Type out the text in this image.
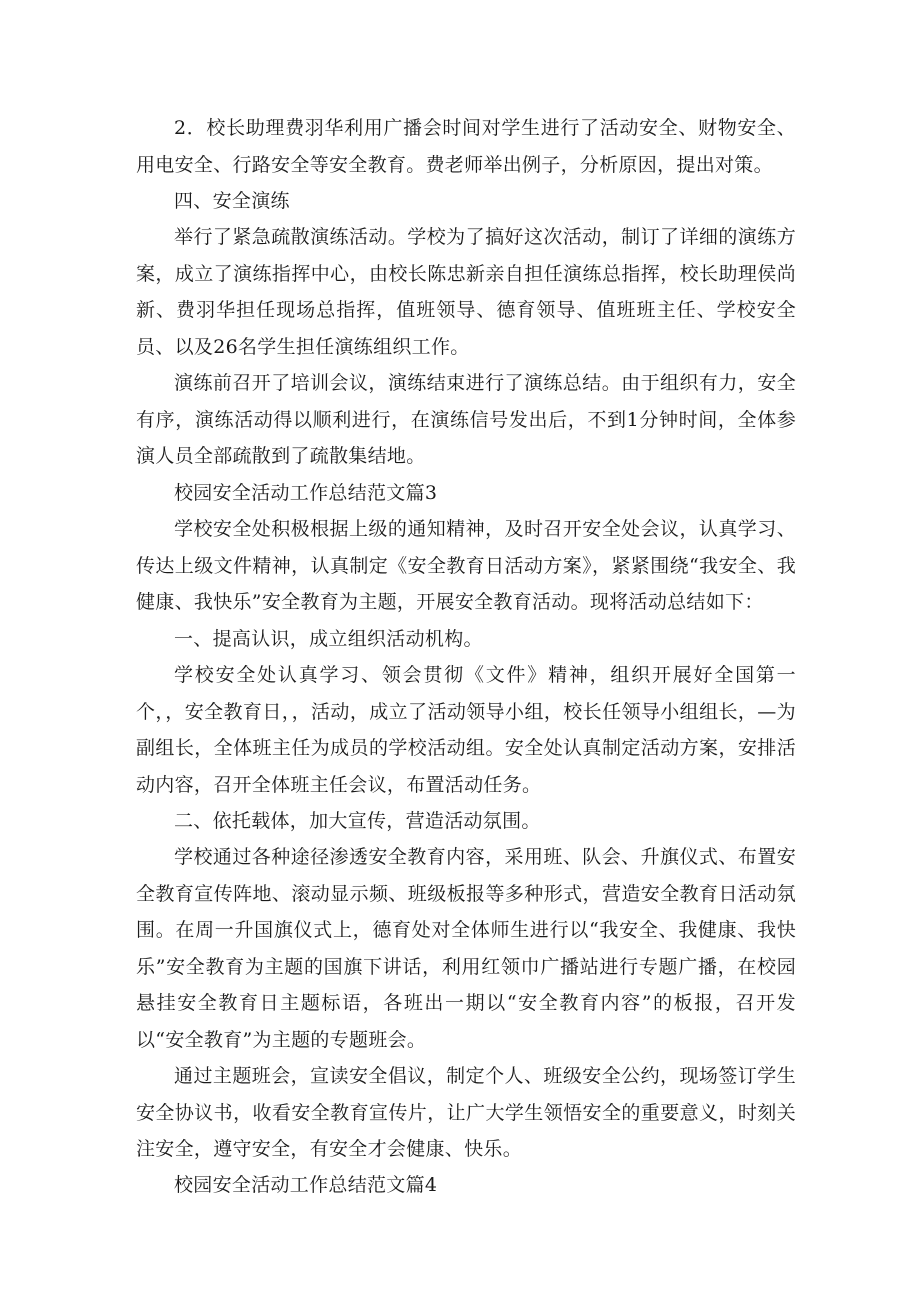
2．校长助理费羽华利用广播会时间对学生进行了活动安全、财物安全、用电安全、行路安全等安全教育。费老师举出例子，分析原因，提出对策。

四、安全演练

举行了紧急疏散演练活动。学校为了搞好这次活动，制订了详细的演练方案，成立了演练指挥中心，由校长陈忠新亲自担任演练总指挥，校长助理侯尚新、费羽华担任现场总指挥，值班领导、德育领导、值班班主任、学校安全员、以及26名学生担任演练组织工作。

演练前召开了培训会议，演练结束进行了演练总结。由于组织有力，安全有序，演练活动得以顺利进行，在演练信号发出后，不到1分钟时间，全体参演人员全部疏散到了疏散集结地。

校园安全活动工作总结范文篇3

学校安全处积极根据上级的通知精神，及时召开安全处会议，认真学习、传达上级文件精神，认真制定《安全教育日活动方案》，紧紧围绕“我安全、我健康、我快乐”安全教育为主题，开展安全教育活动。现将活动总结如下：

一、提高认识，成立组织活动机构。

学校安全处认真学习、领会贯彻《文件》精神，组织开展好全国第一个，，安全教育日，，活动，成立了活动领导小组，校长任领导小组组长，—为副组长，全体班主任为成员的学校活动组。安全处认真制定活动方案，安排活动内容，召开全体班主任会议，布置活动任务。

二、依托载体，加大宣传，营造活动氛围。

学校通过各种途径渗透安全教育内容，采用班、队会、升旗仪式、布置安全教育宣传阵地、滚动显示频、班级板报等多种形式，营造安全教育日活动氛围。在周一升国旗仪式上，德育处对全体师生进行以“我安全、我健康、我快乐”安全教育为主题的国旗下讲话，利用红领巾广播站进行专题广播，在校园悬挂安全教育日主题标语，各班出一期以“安全教育内容”的板报，召开发以“安全教育”为主题的专题班会。

通过主题班会，宣读安全倡议，制定个人、班级安全公约，现场签订学生安全协议书，收看安全教育宣传片，让广大学生领悟安全的重要意义，时刻关注安全，遵守安全，有安全才会健康、快乐。

校园安全活动工作总结范文篇4
